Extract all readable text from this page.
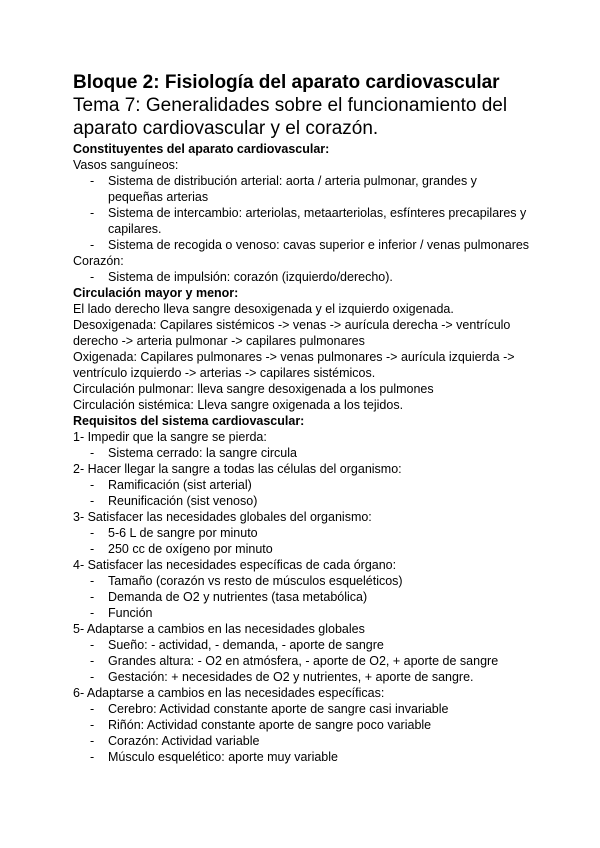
Bloque 2: Fisiología del aparato cardiovascular
Tema 7: Generalidades sobre el funcionamiento del aparato cardiovascular y el corazón.
Constituyentes del aparato cardiovascular:

Vasos sanguíneos:

- Sistema de distribución arterial: aorta / arteria pulmonar, grandes y pequeñas arterias
- Sistema de intercambio: arteriolas, metaarteriolas, esfínteres precapilares y capilares.
- Sistema de recogida o venoso: cavas superior e inferior / venas pulmonares

Corazón:

- Sistema de impulsión: corazón (izquierdo/derecho).
Circulación mayor y menor:

El lado derecho lleva sangre desoxigenada y el izquierdo oxigenada.

Desoxigenada: Capilares sistémicos -> venas -> aurícula derecha -> ventrículo derecho -> arteria pulmonar -> capilares pulmonares

Oxigenada: Capilares pulmonares -> venas pulmonares -> aurícula izquierda -> ventrículo izquierdo -> arterias -> capilares sistémicos.

Circulación pulmonar: lleva sangre desoxigenada a los pulmones

Circulación sistémica: Lleva sangre oxigenada a los tejidos.

Requisitos del sistema cardiovascular:

1- Impedir que la sangre se pierda:

- Sistema cerrado: la sangre circula

2- Hacer llegar la sangre a todas las células del organismo:

- Ramificación (sist arterial)
- Reunificación (sist venoso)

3- Satisfacer las necesidades globales del organismo:

- 5-6 L de sangre por minuto
- 250 cc de oxígeno por minuto

4- Satisfacer las necesidades específicas de cada órgano:

- Tamaño (corazón vs resto de músculos esqueléticos)
- Demanda de O2 y nutrientes (tasa metabólica)
- Función

5- Adaptarse a cambios en las necesidades globales

- Sueño: - actividad, - demanda, - aporte de sangre
- Grandes altura: - O2 en atmósfera, - aporte de O2, + aporte de sangre
- Gestación: + necesidades de O2 y nutrientes, + aporte de sangre.

6- Adaptarse a cambios en las necesidades específicas:

- Cerebro: Actividad constante aporte de sangre casi invariable
- Riñón: Actividad constante aporte de sangre poco variable
- Corazón: Actividad variable
- Músculo esquelético: aporte muy variable
